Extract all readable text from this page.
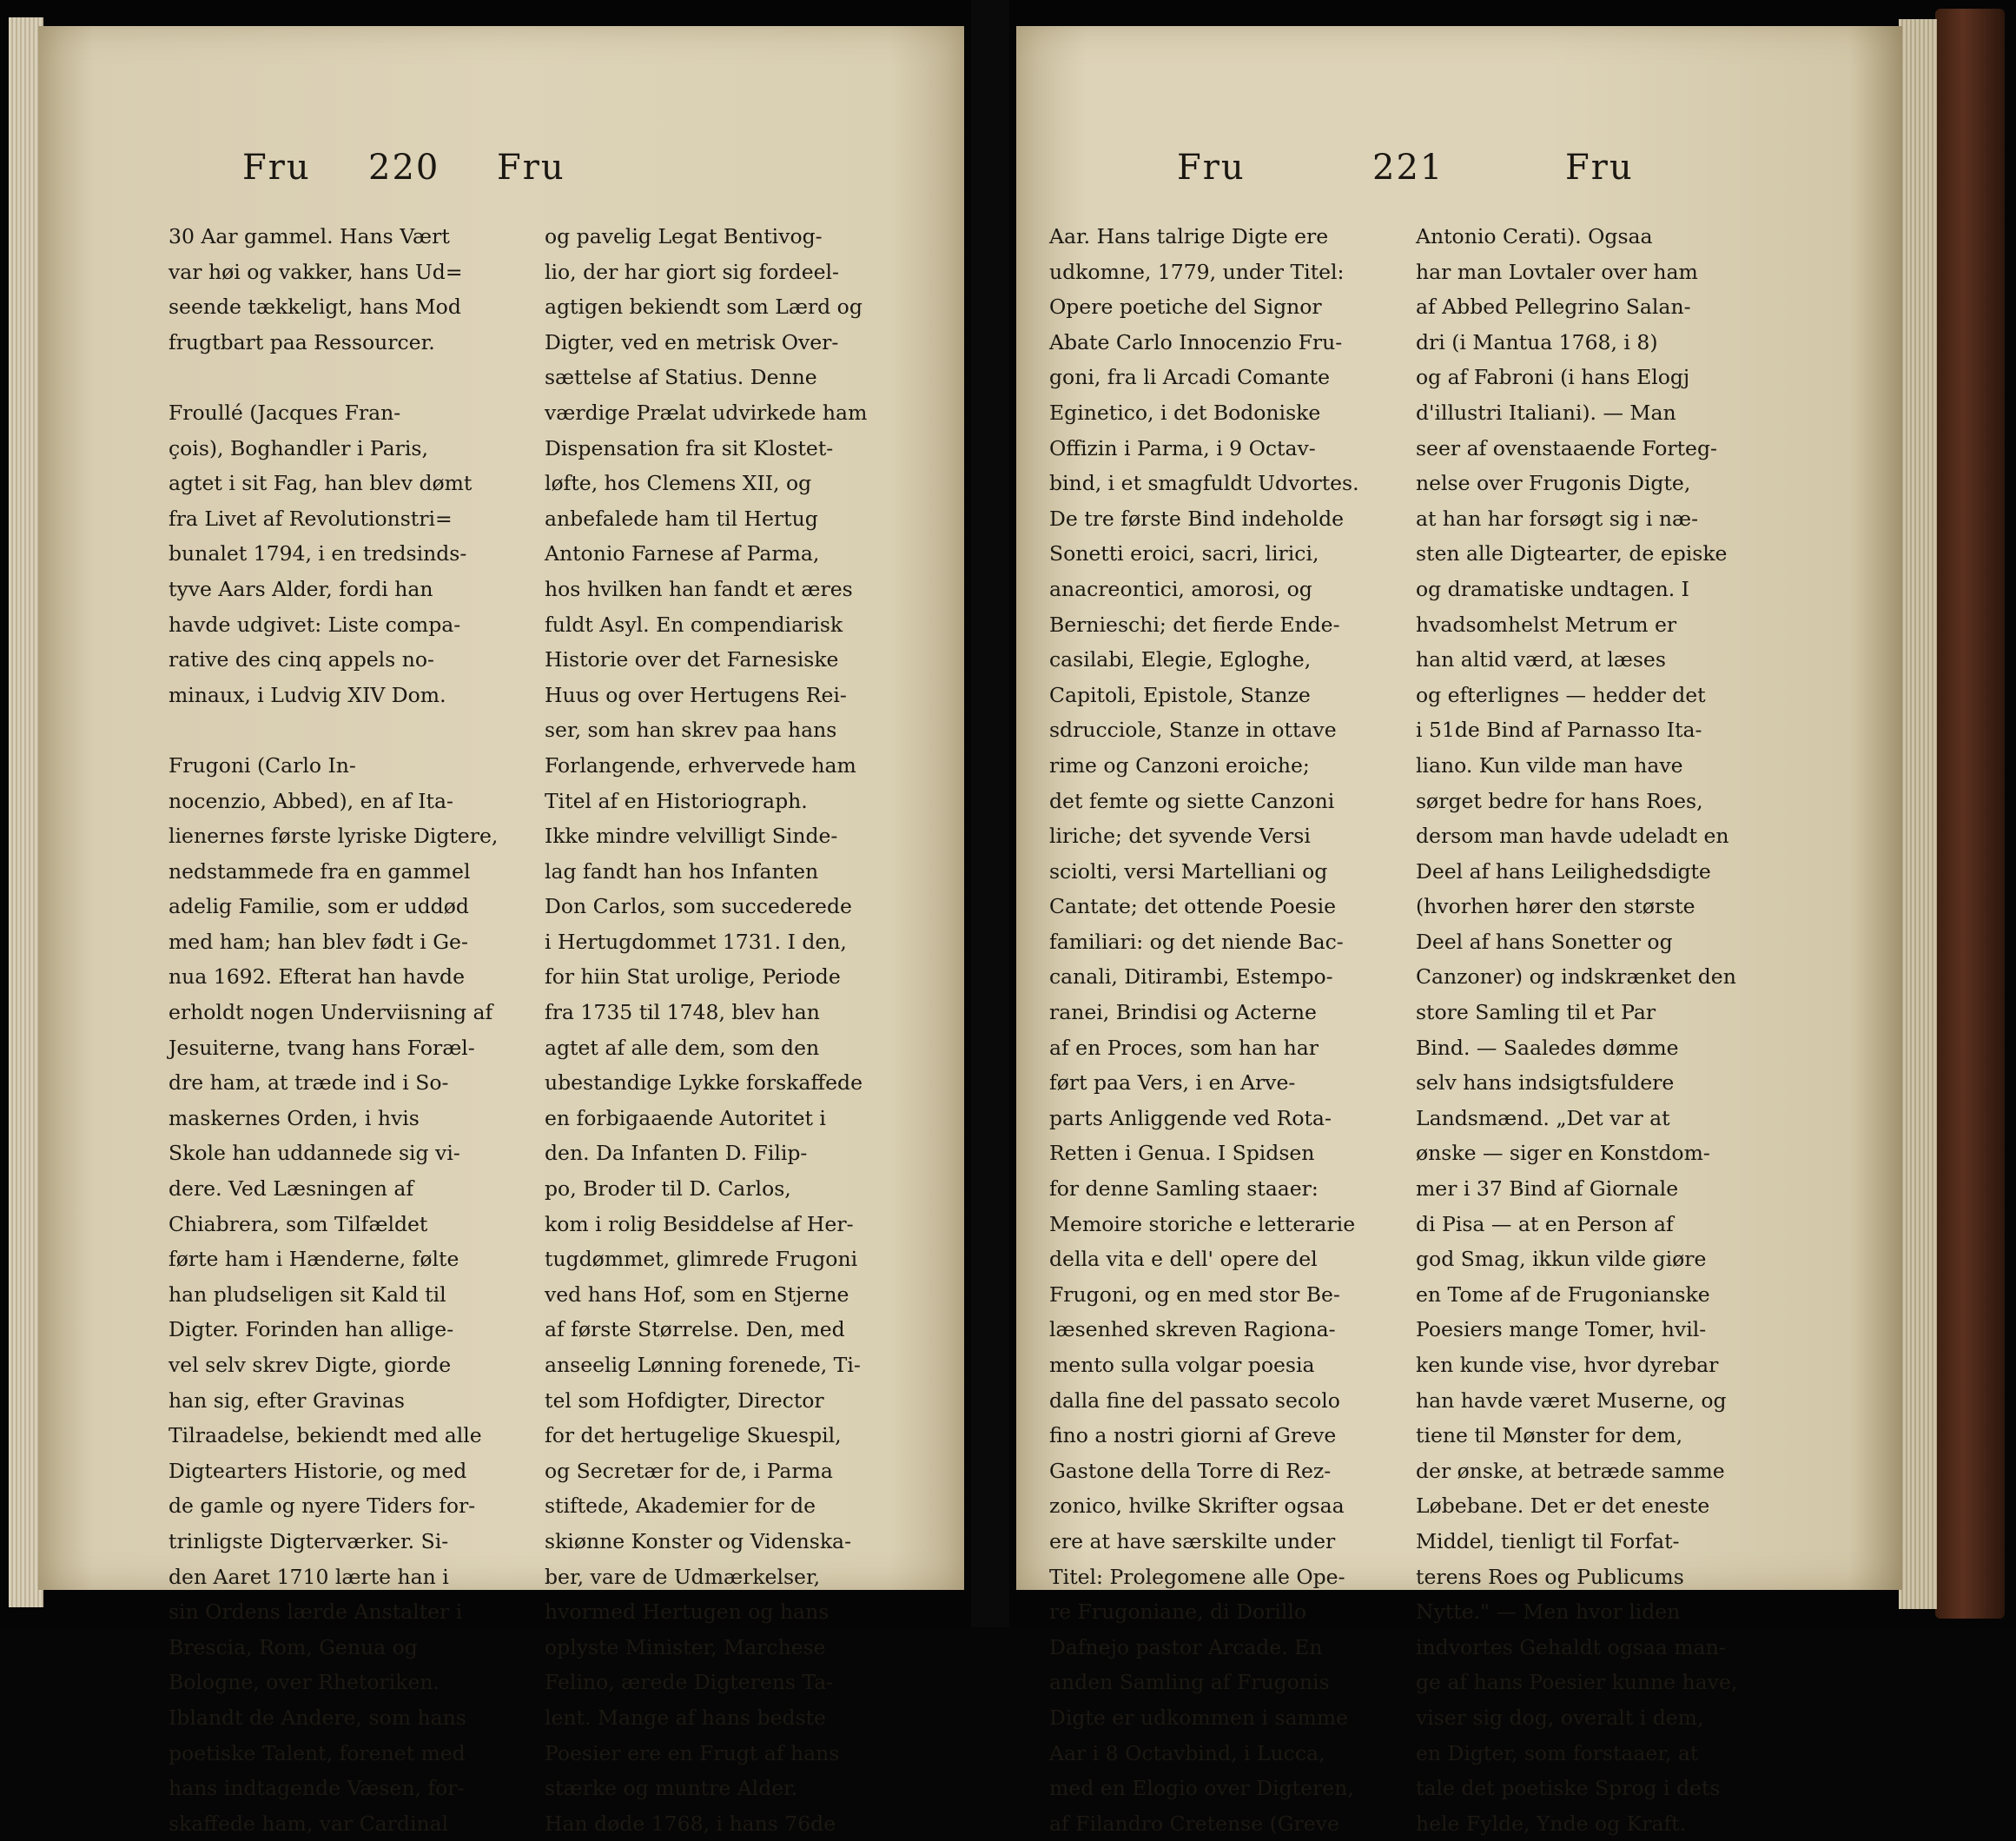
Fru 220 Fru
30 Aar gammel. Hans Vært
var høi og vakker, hans Ud=
seende tækkeligt, hans Mod
frugtbart paa Ressourcer.
Froullé (Jacques Fran-
çois), Boghandler i Paris,
agtet i sit Fag, han blev dømt
fra Livet af Revolutionstri=
bunalet 1794, i en tredsinds-
tyve Aars Alder, fordi han
havde udgivet: Liste compa-
rative des cinq appels no-
minaux, i Ludvig XIV Dom.
Frugoni (Carlo In-
nocenzio, Abbed), en af Ita-
lienernes første lyriske Digtere,
nedstammede fra en gammel
adelig Familie, som er uddød
med ham; han blev født i Ge-
nua 1692. Efterat han havde
erholdt nogen Underviisning af
Jesuiterne, tvang hans Foræl-
dre ham, at træde ind i So-
maskernes Orden, i hvis
Skole han uddannede sig vi-
dere. Ved Læsningen af
Chiabrera, som Tilfældet
førte ham i Hænderne, følte
han pludseligen sit Kald til
Digter. Forinden han allige-
vel selv skrev Digte, giorde
han sig, efter Gravinas
Tilraadelse, bekiendt med alle
Digtearters Historie, og med
de gamle og nyere Tiders for-
trinligste Digterværker. Si-
den Aaret 1710 lærte han i
sin Ordens lærde Anstalter i
Brescia, Rom, Genua og
Bologne, over Rhetoriken.
Iblandt de Andere, som hans
poetiske Talent, forenet med
hans indtagende Væsen, for-
skaffede ham, var Cardinal
og pavelig Legat Bentivog-
lio, der har giort sig fordeel-
agtigen bekiendt som Lærd og
Digter, ved en metrisk Over-
sættelse af Statius. Denne
værdige Prælat udvirkede ham
Dispensation fra sit Klostet-
løfte, hos Clemens XII, og
anbefalede ham til Hertug
Antonio Farnese af Parma,
hos hvilken han fandt et æres
fuldt Asyl. En compendiarisk
Historie over det Farnesiske
Huus og over Hertugens Rei-
ser, som han skrev paa hans
Forlangende, erhvervede ham
Titel af en Historiograph.
Ikke mindre velvilligt Sinde-
lag fandt han hos Infanten
Don Carlos, som succederede
i Hertugdommet 1731. I den,
for hiin Stat urolige, Periode
fra 1735 til 1748, blev han
agtet af alle dem, som den
ubestandige Lykke forskaffede
en forbigaaende Autoritet i
den. Da Infanten D. Filip-
po, Broder til D. Carlos,
kom i rolig Besiddelse af Her-
tugdømmet, glimrede Frugoni
ved hans Hof, som en Stjerne
af første Størrelse. Den, med
anseelig Lønning forenede, Ti-
tel som Hofdigter, Director
for det hertugelige Skuespil,
og Secretær for de, i Parma
stiftede, Akademier for de
skiønne Konster og Videnska-
ber, vare de Udmærkelser,
hvormed Hertugen og hans
oplyste Minister, Marchese
Felino, ærede Digterens Ta-
lent. Mange af hans bedste
Poesier ere en Frugt af hans
stærke og muntre Alder.
Han døde 1768, i hans 76de
Fru	221	Fru
Aar. Hans talrige Digte ere
udkomne, 1779, under Titel:
Opere poetiche del Signor
Abate Carlo Innocenzio Fru-
goni, fra li Arcadi Comante
Eginetico, i det Bodoniske
Offizin i Parma, i 9 Octav-
bind, i et smagfuldt Udvortes.
De tre første Bind indeholde
Sonetti eroici, sacri, lirici,
anacreontici, amorosi, og
Bernieschi; det fierde Ende-
casilabi, Elegie, Egloghe,
Capitoli, Epistole, Stanze
sdrucciole, Stanze in ottave
rime og Canzoni eroiche;
det femte og siette Canzoni
liriche; det syvende Versi
sciolti, versi Martelliani og
Cantate; det ottende Poesie
familiari: og det niende Bac-
canali, Ditirambi, Estempo-
ranei, Brindisi og Acterne
af en Proces, som han har
ført paa Vers, i en Arve-
parts Anliggende ved Rota-
Retten i Genua. I Spidsen
for denne Samling staaer:
Memoire storiche e letterarie
della vita e dell' opere del
Frugoni, og en med stor Be-
læsenhed skreven Ragiona-
mento sulla volgar poesia
dalla fine del passato secolo
fino a nostri giorni af Greve
Gastone della Torre di Rez-
zonico, hvilke Skrifter ogsaa
ere at have særskilte under
Titel: Prolegomene alle Ope-
re Frugoniane, di Dorillo
Dafnejo pastor Arcade. En
anden Samling af Frugonis
Digte er udkommen i samme
Aar i 8 Octavbind, i Lucca,
med en Elogio over Digteren,
af Filandro Cretense (Greve
Antonio Cerati). Ogsaa
har man Lovtaler over ham
af Abbed Pellegrino Salan-
dri (i Mantua 1768, i 8)
og af Fabroni (i hans Elogj
d'illustri Italiani). — Man
seer af ovenstaaende Forteg-
nelse over Frugonis Digte,
at han har forsøgt sig i næ-
sten alle Digtearter, de episke
og dramatiske undtagen. I
hvadsomhelst Metrum er
han altid værd, at læses
og efterlignes — hedder det
i 51de Bind af Parnasso Ita-
liano. Kun vilde man have
sørget bedre for hans Roes,
dersom man havde udeladt en
Deel af hans Leilighedsdigte
(hvorhen hører den største
Deel af hans Sonetter og
Canzoner) og indskrænket den
store Samling til et Par
Bind. — Saaledes dømme
selv hans indsigtsfuldere
Landsmænd. „Det var at
ønske — siger en Konstdom-
mer i 37 Bind af Giornale
di Pisa — at en Person af
god Smag, ikkun vilde giøre
en Tome af de Frugonianske
Poesiers mange Tomer, hvil-
ken kunde vise, hvor dyrebar
han havde været Muserne, og
tiene til Mønster for dem,
der ønske, at betræde samme
Løbebane. Det er det eneste
Middel, tienligt til Forfat-
terens Roes og Publicums
Nytte." — Men hvor liden
indvortes Gehaldt ogsaa man-
ge af hans Poesier kunne have,
viser sig dog, overalt i dem,
en Digter, som forstaaer, at
tale det poetiske Sprog i dets
hele Fylde, Ynde og Kraft.
